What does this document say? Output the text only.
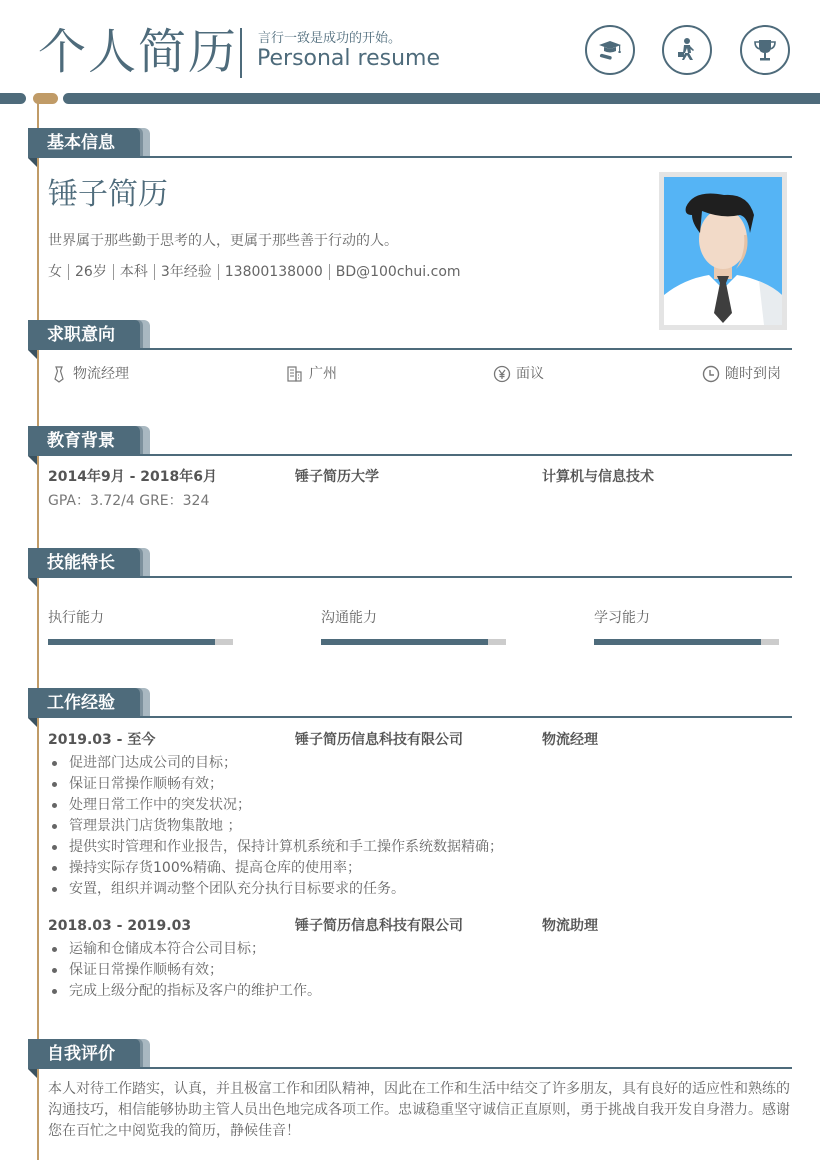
个人简历 言行一致是成功的开始。
Personal resume
基本信息
锤子简历
世界属于那些勤于思考的人，更属于那些善于行动的人。
女 26岁 本科 3年经验 13800138000 BD@100chui.com
求职意向
物流经理	广州	面议	随时到岗
教育背景
2014年9月 - 2018年6月	锤子简历大学	计算机与信息技术
GPA：3.72/4 GRE：324
技能特长
执行能力	沟通能力	学习能力
工作经验
2019.03 - 至今	锤子简历信息科技有限公司	物流经理
促进部门达成公司的目标；
保证日常操作顺畅有效；
处理日常工作中的突发状况；
管理景洪门店货物集散地 ；
提供实时管理和作业报告，保持计算机系统和手工操作系统数据精确；
操持实际存货100%精确、提高仓库的使用率；
安置，组织并调动整个团队充分执行目标要求的任务。
2018.03 - 2019.03	锤子简历信息科技有限公司	物流助理
运输和仓储成本符合公司目标；
保证日常操作顺畅有效；
完成上级分配的指标及客户的维护工作。
自我评价
本人对待工作踏实，认真，并且极富工作和团队精神，因此在工作和生活中结交了许多朋友，具有良好的适应性和熟练的沟通技巧，相信能够协助主管人员出色地完成各项工作。忠诚稳重坚守诚信正直原则，勇于挑战自我开发自身潜力。感谢您在百忙之中阅览我的简历，静候佳音！
